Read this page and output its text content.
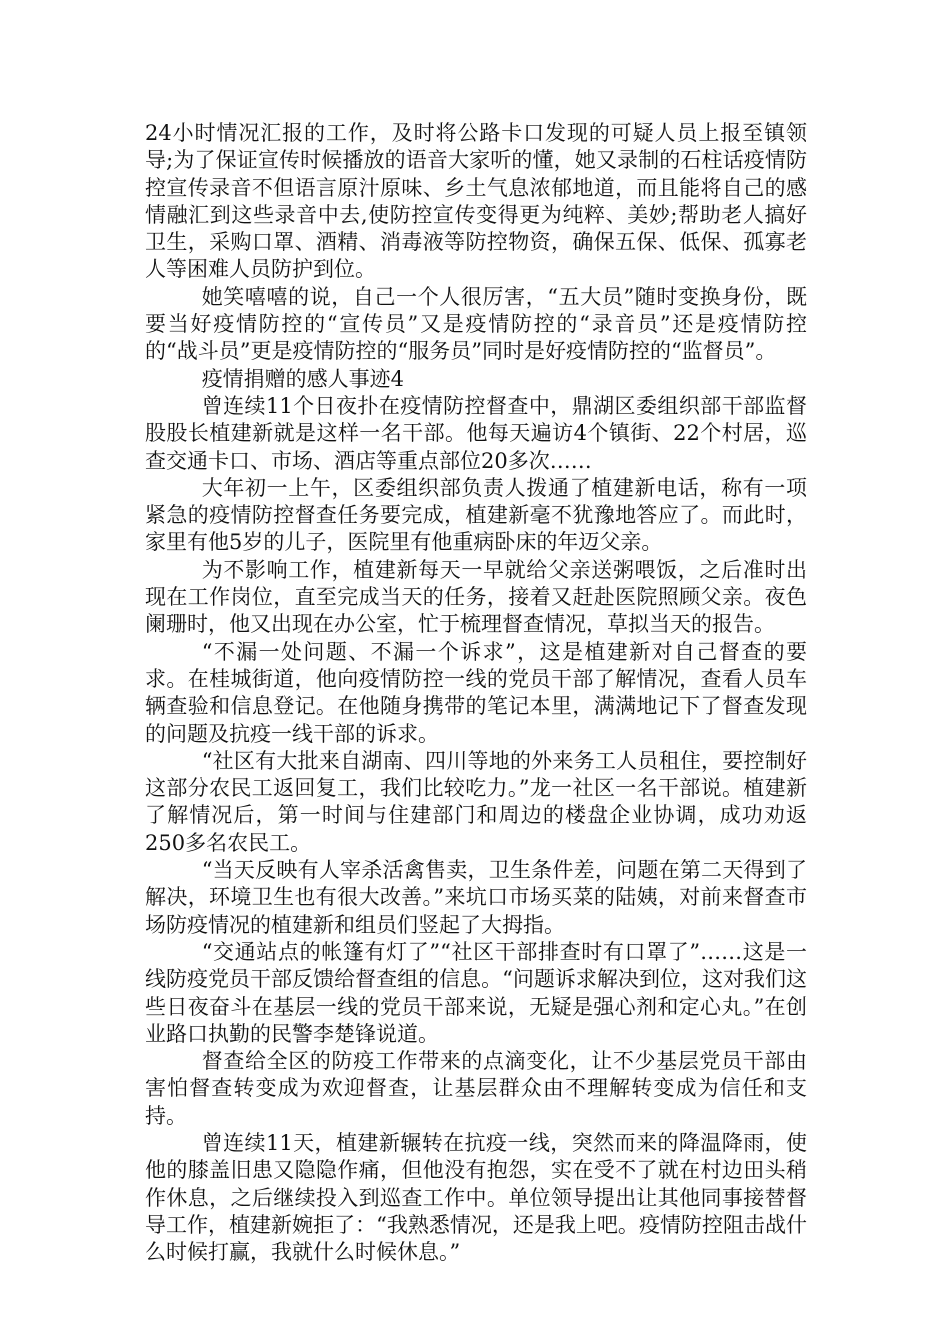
24小时情况汇报的工作，及时将公路卡口发现的可疑人员上报至镇领导;为了保证宣传时候播放的语音大家听的懂，她又录制的石柱话疫情防控宣传录音不但语言原汁原味、乡土气息浓郁地道，而且能将自己的感情融汇到这些录音中去,使防控宣传变得更为纯粹、美妙;帮助老人搞好卫生，采购口罩、酒精、消毒液等防控物资，确保五保、低保、孤寡老人等困难人员防护到位。

她笑嘻嘻的说，自己一个人很厉害，“五大员”随时变换身份，既要当好疫情防控的“宣传员”又是疫情防控的“录音员”还是疫情防控的“战斗员”更是疫情防控的“服务员”同时是好疫情防控的“监督员”。

疫情捐赠的感人事迹4

曾连续11个日夜扑在疫情防控督查中，鼎湖区委组织部干部监督股股长植建新就是这样一名干部。他每天遍访4个镇街、22个村居，巡查交通卡口、市场、酒店等重点部位20多次……

大年初一上午，区委组织部负责人拨通了植建新电话，称有一项紧急的疫情防控督查任务要完成，植建新毫不犹豫地答应了。而此时，家里有他5岁的儿子，医院里有他重病卧床的年迈父亲。

为不影响工作，植建新每天一早就给父亲送粥喂饭，之后准时出现在工作岗位，直至完成当天的任务，接着又赶赴医院照顾父亲。夜色阑珊时，他又出现在办公室，忙于梳理督查情况，草拟当天的报告。

“不漏一处问题、不漏一个诉求”，这是植建新对自己督查的要求。在桂城街道，他向疫情防控一线的党员干部了解情况，查看人员车辆查验和信息登记。在他随身携带的笔记本里，满满地记下了督查发现的问题及抗疫一线干部的诉求。

“社区有大批来自湖南、四川等地的外来务工人员租住，要控制好这部分农民工返回复工，我们比较吃力。”龙一社区一名干部说。植建新了解情况后，第一时间与住建部门和周边的楼盘企业协调，成功劝返250多名农民工。

“当天反映有人宰杀活禽售卖，卫生条件差，问题在第二天得到了解决，环境卫生也有很大改善。”来坑口市场买菜的陆姨，对前来督查市场防疫情况的植建新和组员们竖起了大拇指。

“交通站点的帐篷有灯了”“社区干部排查时有口罩了”……这是一线防疫党员干部反馈给督查组的信息。“问题诉求解决到位，这对我们这些日夜奋斗在基层一线的党员干部来说，无疑是强心剂和定心丸。”在创业路口执勤的民警李楚锋说道。

督查给全区的防疫工作带来的点滴变化，让不少基层党员干部由害怕督查转变成为欢迎督查，让基层群众由不理解转变成为信任和支持。

曾连续11天，植建新辗转在抗疫一线，突然而来的降温降雨，使他的膝盖旧患又隐隐作痛，但他没有抱怨，实在受不了就在村边田头稍作休息，之后继续投入到巡查工作中。单位领导提出让其他同事接替督导工作，植建新婉拒了：“我熟悉情况，还是我上吧。疫情防控阻击战什么时候打赢，我就什么时候休息。”
